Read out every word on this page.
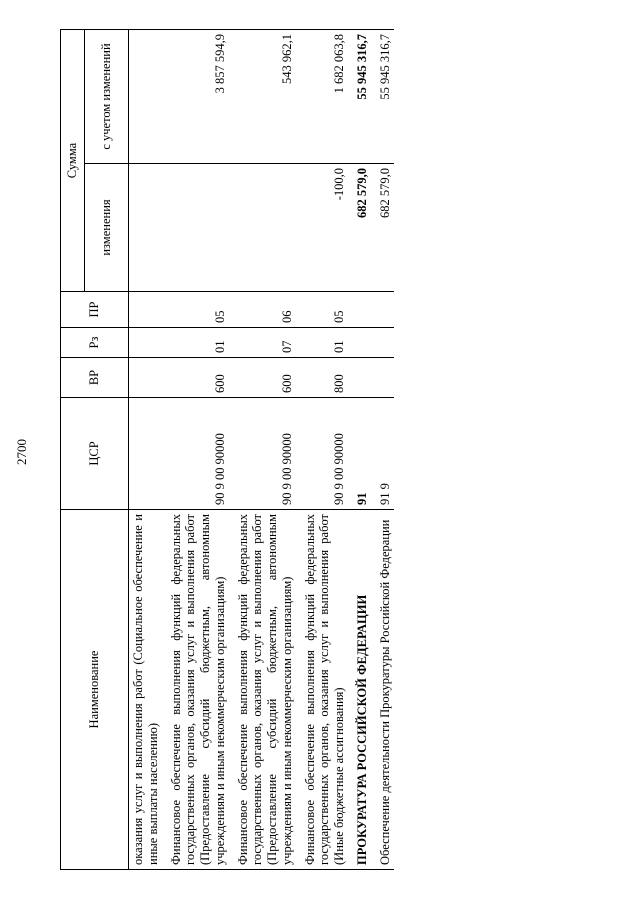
2700
Наименование	ЦСР	ВР	Рз	ПР	Сумма	
					изменения	с учетом изменений
оказания услуг и выполнения работ (Социальное обеспечение и иные выплаты населению)						
Финансовое обеспечение выполнения функций федеральных государственных органов, оказания услуг и выполнения работ (Предоставление субсидий бюджетным, автономным учреждениям и иным некоммерческим организациям)	90 9 00 90000	600	01	05		3 857 594,9
Финансовое обеспечение выполнения функций федеральных государственных органов, оказания услуг и выполнения работ (Предоставление субсидий бюджетным, автономным учреждениям и иным некоммерческим организациям)	90 9 00 90000	600	07	06		543 962,1
Финансовое обеспечение выполнения функций федеральных государственных органов, оказания услуг и выполнения работ (Иные бюджетные ассигнования)	90 9 00 90000	800	01	05	-100,0	1 682 063,8
ПРОКУРАТУРА РОССИЙСКОЙ ФЕДЕРАЦИИ	91				682 579,0	55 945 316,7
Обеспечение деятельности Прокуратуры Российской Федерации	91 9				682 579,0	55 945 316,7
